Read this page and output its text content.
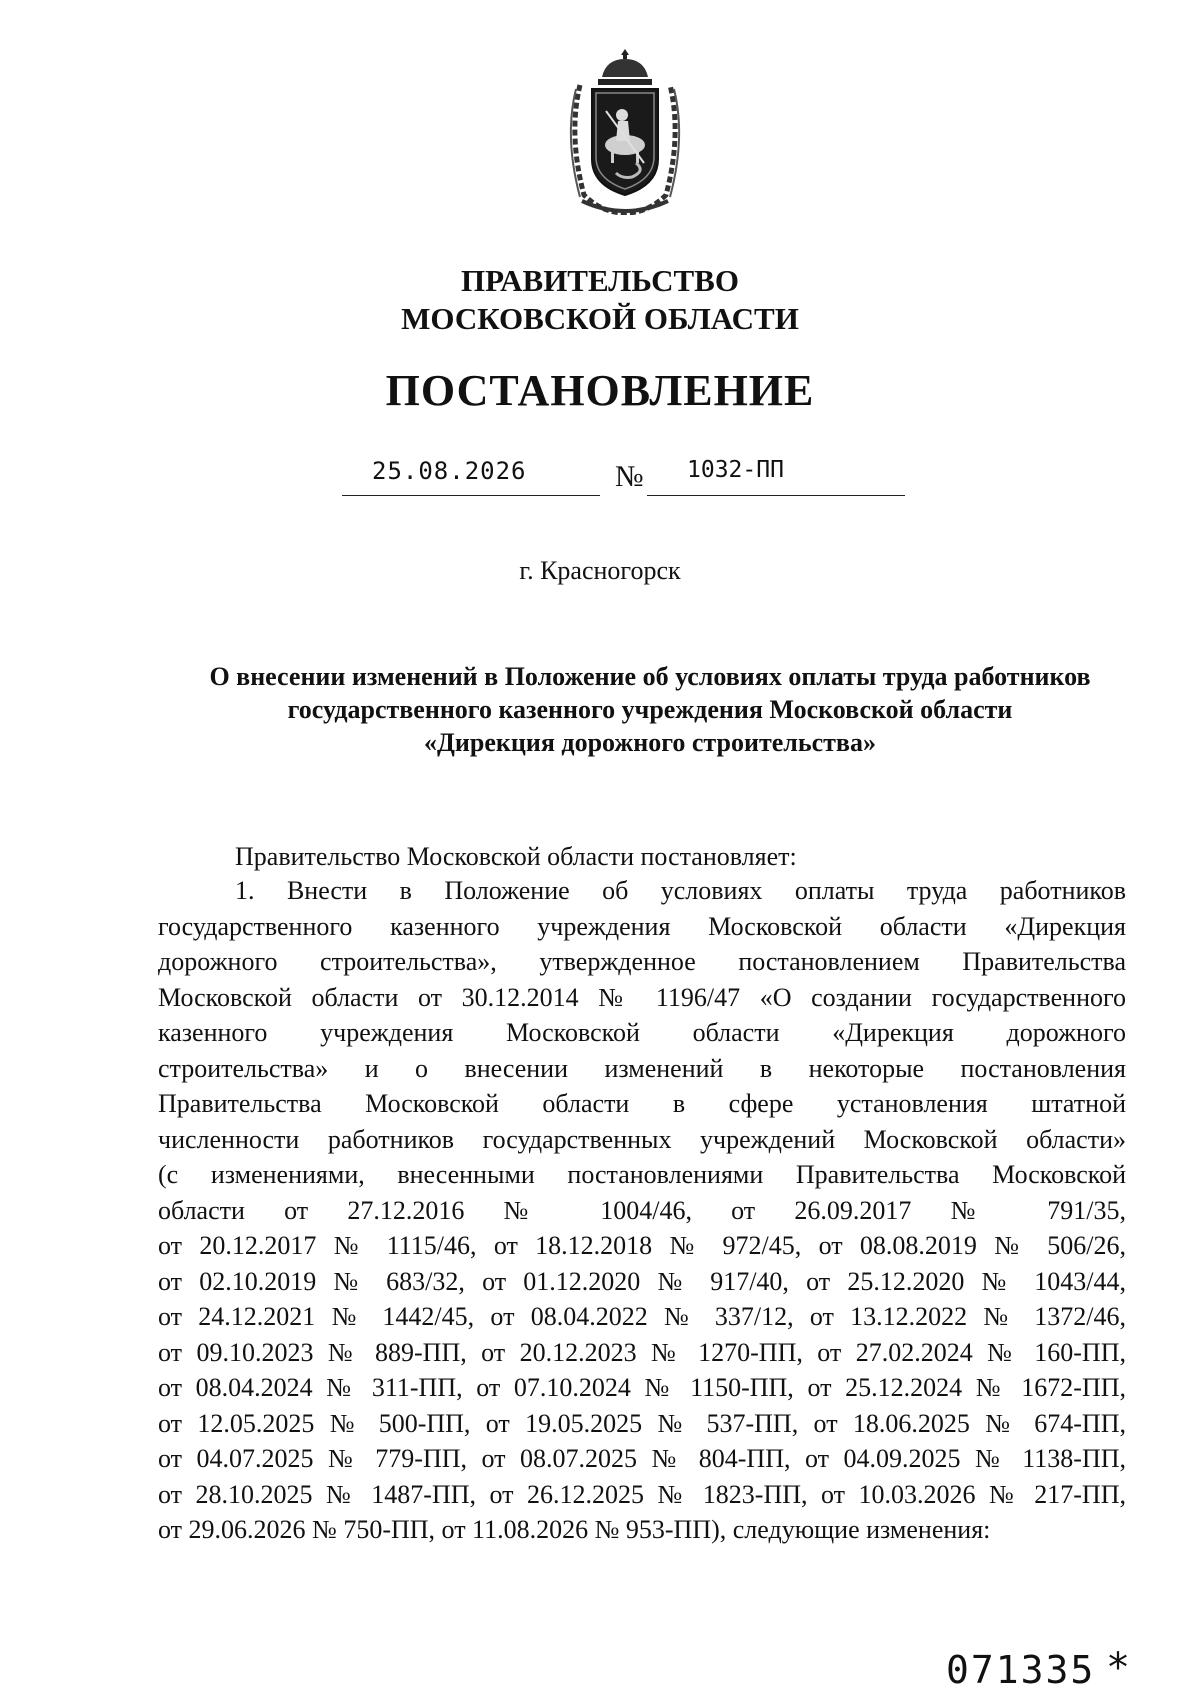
ПРАВИТЕЛЬСТВО
МОСКОВСКОЙ ОБЛАСТИ
ПОСТАНОВЛЕНИЕ
25.08.2026	№ 1032-ПП
г. Красногорск
О внесении изменений в Положение об условиях оплаты труда работников
государственного казенного учреждения Московской области
«Дирекция дорожного строительства»
Правительство Московской области постановляет:
1. Внести в Положение об условиях оплаты труда работников
государственного казенного учреждения Московской области «Дирекция
дорожного строительства», утвержденное постановлением Правительства
Московской области от 30.12.2014 № 1196/47 «О создании государственного
казенного учреждения Московской области «Дирекция дорожного
строительства» и о внесении изменений в некоторые постановления
Правительства Московской области в сфере установления штатной
численности работников государственных учреждений Московской области»
(с изменениями, внесенными постановлениями Правительства Московской
области от 27.12.2016 № 1004/46, от 26.09.2017 № 791/35,
от 20.12.2017 № 1115/46, от 18.12.2018 № 972/45, от 08.08.2019 № 506/26,
от 02.10.2019 № 683/32, от 01.12.2020 № 917/40, от 25.12.2020 № 1043/44,
от 24.12.2021 № 1442/45, от 08.04.2022 № 337/12, от 13.12.2022 № 1372/46,
от 09.10.2023 № 889-ПП, от 20.12.2023 № 1270-ПП, от 27.02.2024 № 160-ПП,
от 08.04.2024 № 311-ПП, от 07.10.2024 № 1150-ПП, от 25.12.2024 № 1672-ПП,
от 12.05.2025 № 500-ПП, от 19.05.2025 № 537-ПП, от 18.06.2025 № 674-ПП,
от 04.07.2025 № 779-ПП, от 08.07.2025 № 804-ПП, от 04.09.2025 № 1138-ПП,
от 28.10.2025 № 1487-ПП, от 26.12.2025 № 1823-ПП, от 10.03.2026 № 217-ПП,
от 29.06.2026 № 750-ПП, от 11.08.2026 № 953-ПП), следующие изменения:
071335 *
